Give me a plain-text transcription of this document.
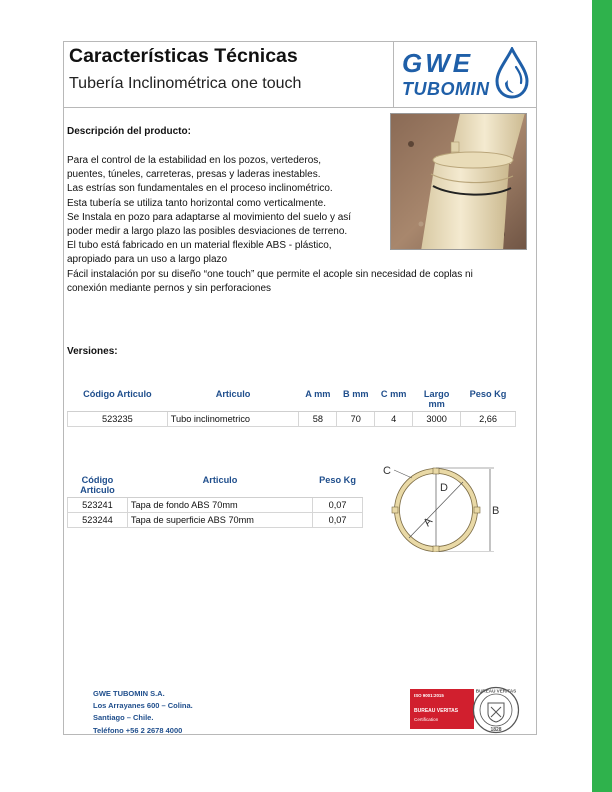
Características Técnicas
Tubería Inclinométrica one touch
GWE
TUBOMIN
Descripción del producto:

Para el control de la estabilidad en los pozos, vertederos,

puentes, túneles, carreteras, presas y laderas inestables.

Las estrías son fundamentales en el proceso inclinométrico.

Esta tubería se utiliza tanto horizontal como verticalmente.

Se Instala en pozo para adaptarse al movimiento del suelo y así

poder medir a largo plazo las posibles desviaciones de terreno.

El tubo está fabricado en un material flexible ABS - plástico,

apropiado para un uso a largo plazo

Fácil instalación por su diseño “one touch” que permite el acople sin necesidad de coplas ni

conexión mediante pernos y sin perforaciones

Versiones:
Código Articulo	Articulo	A mm	B mm	C mm	Largo mm	Peso Kg
523235	Tubo inclinometrico	58	70	4	3000	2,66
Código Articulo	Articulo	Peso Kg
523241	Tapa de fondo ABS 70mm	0,07
523244	Tapa de superficie ABS 70mm	0,07
C
D
A
B

GWE TUBOMIN S.A.

Los Arrayanes 600 – Colina.

Santiago – Chile.

Teléfono +56 2 2678 4000

ISO 9001:2015
BUREAU VERITAS
Certification
BUREAU VERITAS
1828
